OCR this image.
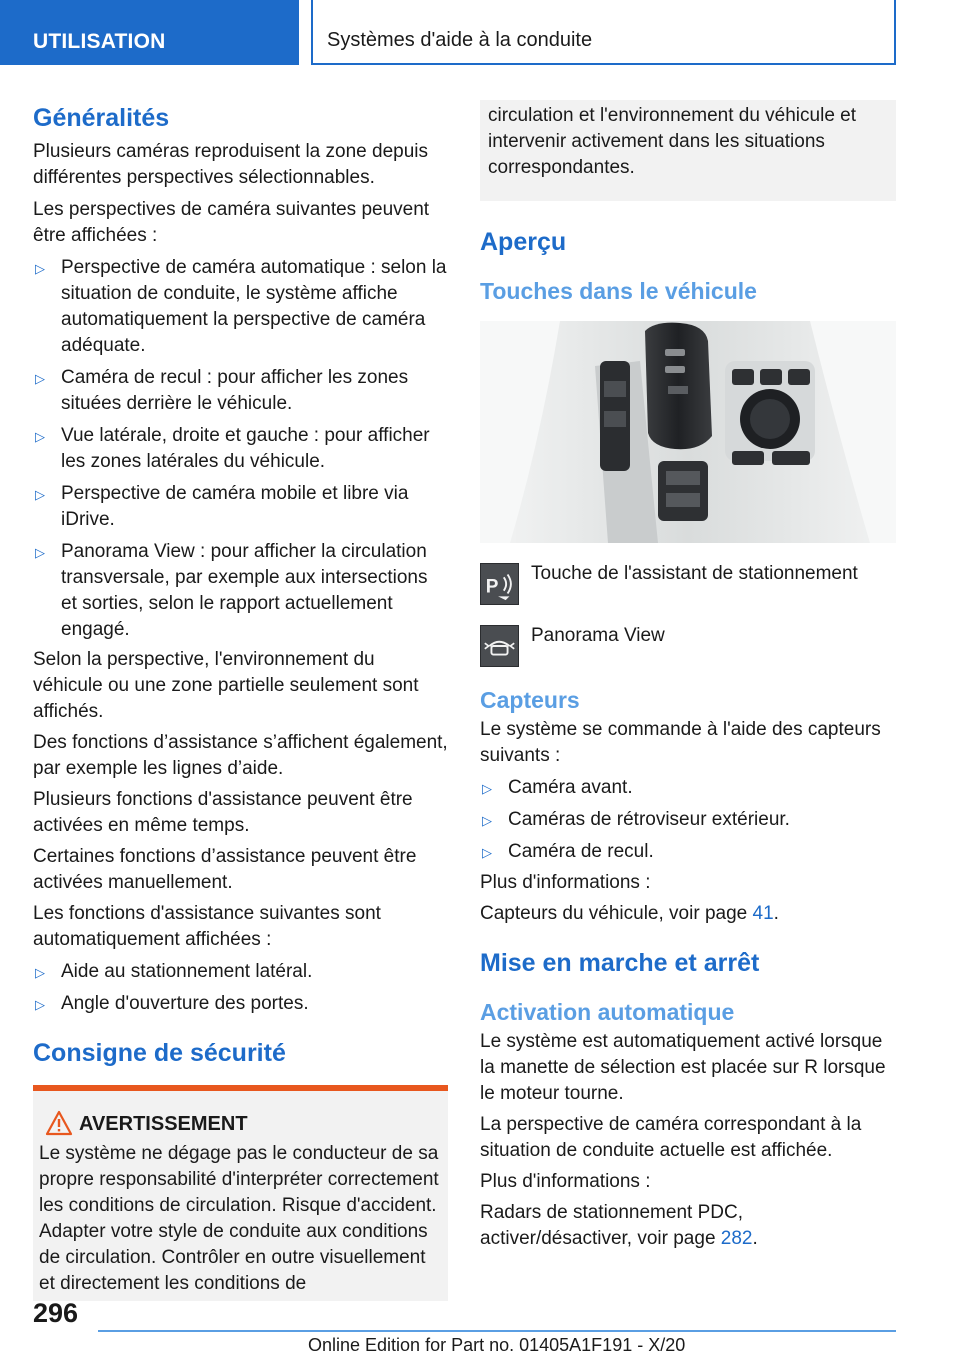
UTILISATION	Systèmes d'aide à la conduite
Généralités

Plusieurs caméras reproduisent la zone depuis différentes perspectives sélectionnables.

Les perspectives de caméra suivantes peuvent être affichées :

▷ Perspective de caméra automatique : selon la situation de conduite, le système affiche automatiquement la perspective de caméra adéquate.
▷ Caméra de recul : pour afficher les zones situées derrière le véhicule.
▷ Vue latérale, droite et gauche : pour afficher les zones latérales du véhicule.
▷ Perspective de caméra mobile et libre via iDrive.
▷ Panorama View : pour afficher la circulation transversale, par exemple aux intersections et sorties, selon le rapport actuellement engagé.

Selon la perspective, l'environnement du véhicule ou une zone partielle seulement sont affichés.

Des fonctions d’assistance s’affichent également, par exemple les lignes d’aide.

Plusieurs fonctions d'assistance peuvent être activées en même temps.

Certaines fonctions d’assistance peuvent être activées manuellement.

Les fonctions d'assistance suivantes sont automatiquement affichées :

▷ Aide au stationnement latéral.
▷ Angle d'ouverture des portes.
Consigne de sécurité
AVERTISSEMENT

Le système ne dégage pas le conducteur de sa propre responsabilité d'interpréter correctement les conditions de circulation. Risque d'accident. Adapter votre style de conduite aux conditions de circulation. Contrôler en outre visuellement et directement les conditions de

circulation et l'environnement du véhicule et intervenir activement dans les situations correspondantes.

Aperçu
Touches dans le véhicule
P
Touche de l'assistant de stationnement
Panorama View
Capteurs

Le système se commande à l'aide des capteurs suivants :

▷ Caméra avant.
▷ Caméras de rétroviseur extérieur.
▷ Caméra de recul.

Plus d'informations :

Capteurs du véhicule, voir page 41.

Mise en marche et arrêt
Activation automatique

Le système est automatiquement activé lorsque la manette de sélection est placée sur R lorsque le moteur tourne.

La perspective de caméra correspondant à la situation de conduite actuelle est affichée.

Plus d'informations :

Radars de stationnement PDC, activer/désactiver, voir page 282.

296
Online Edition for Part no. 01405A1F191 - X/20
